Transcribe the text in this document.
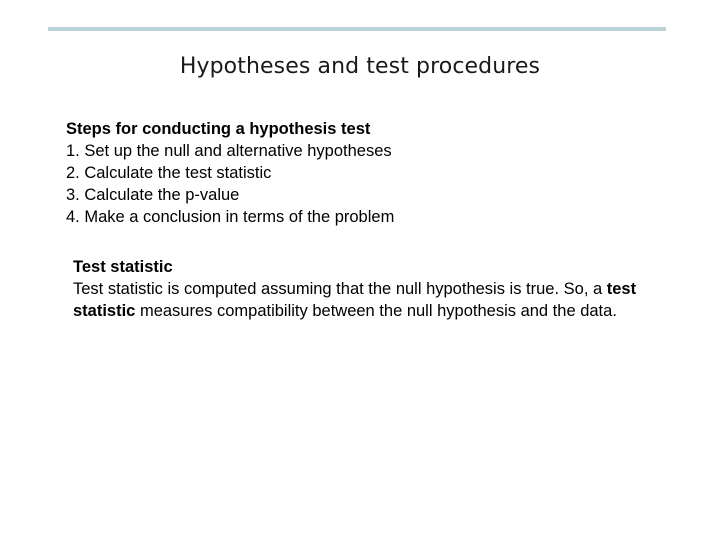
Hypotheses and test procedures
Steps for conducting a hypothesis test
1. Set up the null and alternative hypotheses
2. Calculate the test statistic
3. Calculate the p-value
4. Make a conclusion in terms of the problem
Test statistic
Test statistic is computed assuming that the null hypothesis is true. So, a test statistic measures compatibility between the null hypothesis and the data.
